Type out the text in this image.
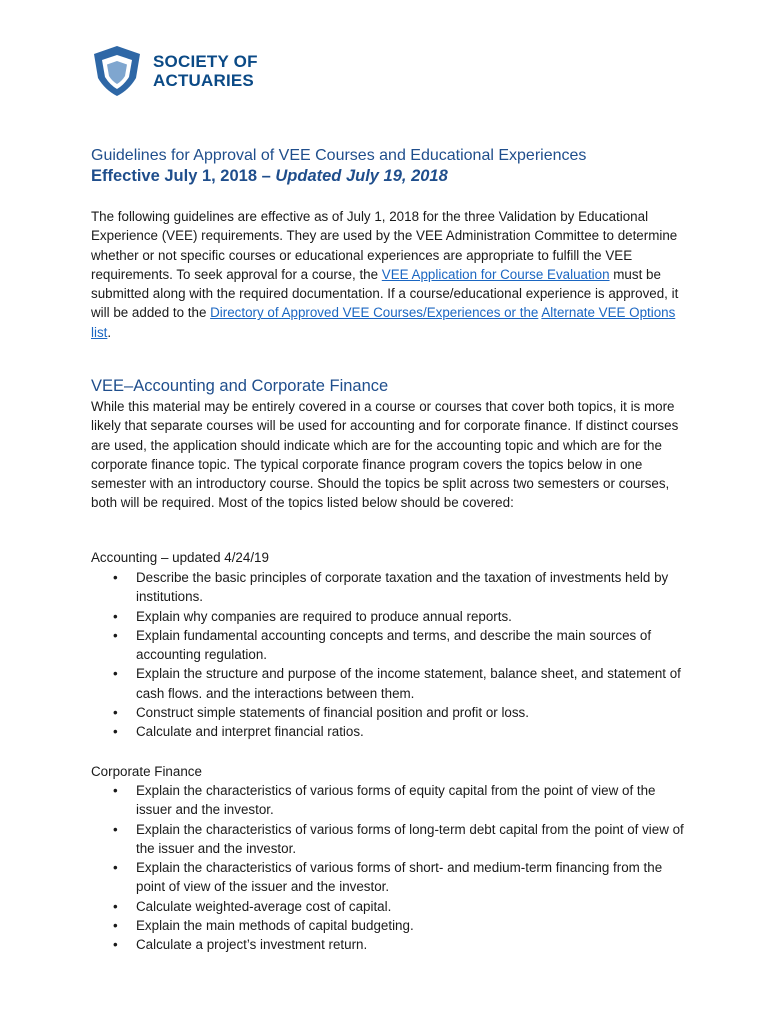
SOCIETY OF
ACTUARIES
Guidelines for Approval of VEE Courses and Educational Experiences
Effective July 1, 2018 – Updated July 19, 2018
The following guidelines are effective as of July 1, 2018 for the three Validation by Educational Experience (VEE) requirements. They are used by the VEE Administration Committee to determine whether or not specific courses or educational experiences are appropriate to fulfill the VEE requirements. To seek approval for a course, the VEE Application for Course Evaluation must be submitted along with the required documentation. If a course/educational experience is approved, it will be added to the Directory of Approved VEE Courses/Experiences or the Alternate VEE Options list.
VEE–Accounting and Corporate Finance
While this material may be entirely covered in a course or courses that cover both topics, it is more likely that separate courses will be used for accounting and for corporate finance. If distinct courses are used, the application should indicate which are for the accounting topic and which are for the corporate finance topic. The typical corporate finance program covers the topics below in one semester with an introductory course. Should the topics be split across two semesters or courses, both will be required. Most of the topics listed below should be covered:
Accounting – updated 4/24/19
• Describe the basic principles of corporate taxation and the taxation of investments held by institutions.
• Explain why companies are required to produce annual reports.
• Explain fundamental accounting concepts and terms, and describe the main sources of accounting regulation.
• Explain the structure and purpose of the income statement, balance sheet, and statement of cash flows. and the interactions between them.
• Construct simple statements of financial position and profit or loss.
• Calculate and interpret financial ratios.
Corporate Finance
• Explain the characteristics of various forms of equity capital from the point of view of the issuer and the investor.
• Explain the characteristics of various forms of long-term debt capital from the point of view of the issuer and the investor.
• Explain the characteristics of various forms of short- and medium-term financing from the point of view of the issuer and the investor.
• Calculate weighted-average cost of capital.
• Explain the main methods of capital budgeting.
• Calculate a project’s investment return.
